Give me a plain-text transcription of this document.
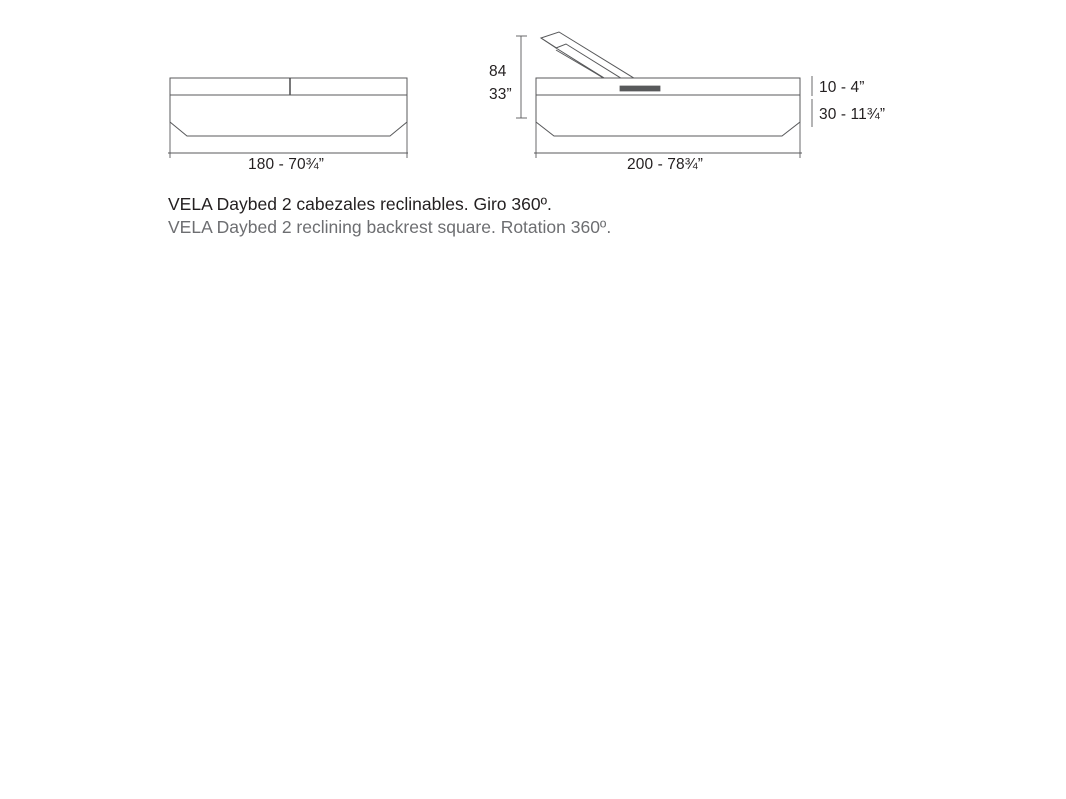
180 - 70¾”	200 - 78¾”
84
33”	10 - 4”
30 - 11¾”
VELA Daybed 2 cabezales reclinables. Giro 360º.
VELA Daybed 2 reclining backrest square. Rotation 360º.
